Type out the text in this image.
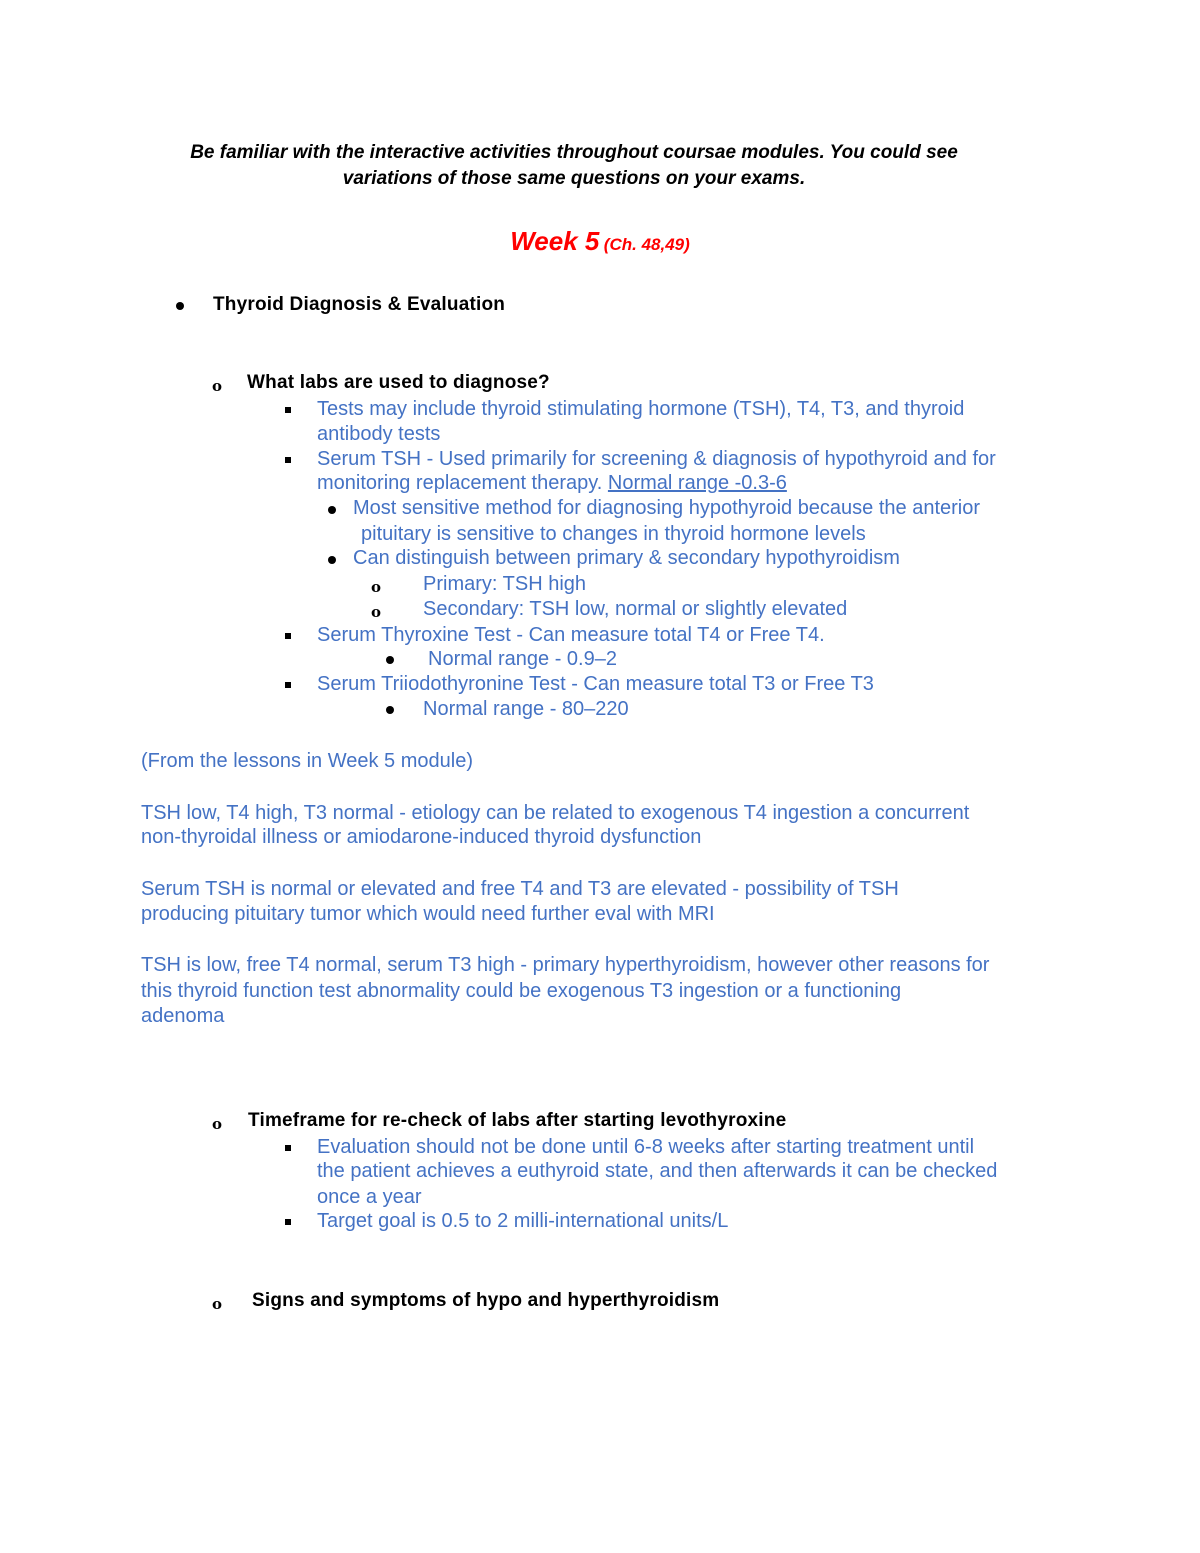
Be familiar with the interactive activities throughout coursae modules. You could see
variations of those same questions on your exams.
Week 5 (Ch. 48,49)
Thyroid Diagnosis & Evaluation
o What labs are used to diagnose?
Tests may include thyroid stimulating hormone (TSH), T4, T3, and thyroid
antibody tests
Serum TSH - Used primarily for screening & diagnosis of hypothyroid and for
monitoring replacement therapy. Normal range -0.3-6
Most sensitive method for diagnosing hypothyroid because the anterior
pituitary is sensitive to changes in thyroid hormone levels
Can distinguish between primary & secondary hypothyroidism
o Primary: TSH high
o Secondary: TSH low, normal or slightly elevated
Serum Thyroxine Test - Can measure total T4 or Free T4.
Normal range - 0.9–2
Serum Triiodothyronine Test - Can measure total T3 or Free T3
Normal range - 80–220
(From the lessons in Week 5 module)
TSH low, T4 high, T3 normal - etiology can be related to exogenous T4 ingestion a concurrent
non-thyroidal illness or amiodarone-induced thyroid dysfunction
Serum TSH is normal or elevated and free T4 and T3 are elevated - possibility of TSH
producing pituitary tumor which would need further eval with MRI
TSH is low, free T4 normal, serum T3 high - primary hyperthyroidism, however other reasons for
this thyroid function test abnormality could be exogenous T3 ingestion or a functioning
adenoma
o Timeframe for re-check of labs after starting levothyroxine
Evaluation should not be done until 6-8 weeks after starting treatment until
the patient achieves a euthyroid state, and then afterwards it can be checked
once a year
Target goal is 0.5 to 2 milli-international units/L
o Signs and symptoms of hypo and hyperthyroidism
